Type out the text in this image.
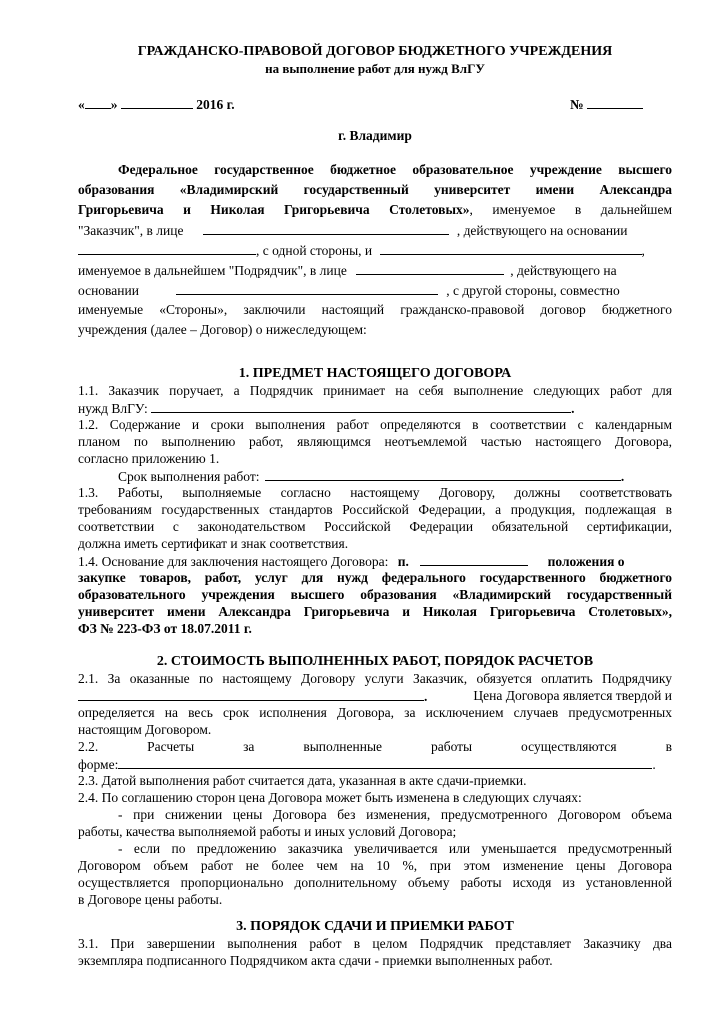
ГРАЖДАНСКО-ПРАВОВОЙ ДОГОВОР БЮДЖЕТНОГО УЧРЕЖДЕНИЯ
на выполнение работ для нужд ВлГУ
« »	2016 г.	№
г. Владимир
Федеральное государственное бюджетное образовательное учреждение высшего
образования «Владимирский государственный университет имени Александра
Григорьевича и Николая Григорьевича Столетовых», именуемое в дальнейшем
"Заказчик", в лице	, действующего на основании
, с одной стороны, и	,
именуемое в дальнейшем "Подрядчик", в лице	, действующего на
основании	, с другой стороны, совместно
именуемые «Стороны», заключили настоящий гражданско-правовой договор бюджетного
учреждения (далее – Договор) о нижеследующем:
1. ПРЕДМЕТ НАСТОЯЩЕГО ДОГОВОРА
1.1. Заказчик поручает, а Подрядчик принимает на себя выполнение следующих работ для
нужд ВлГУ:	.
1.2. Содержание и сроки выполнения работ определяются в соответствии с календарным
планом по выполнению работ, являющимся неотъемлемой частью настоящего Договора,
согласно приложению 1.
Срок выполнения работ:	.
1.3. Работы, выполняемые согласно настоящему Договору, должны соответствовать
требованиям государственных стандартов Российской Федерации, а продукция, подлежащая в
соответствии с законодательством Российской Федерации обязательной сертификации,
должна иметь сертификат и знак соответствия.
1.4. Основание для заключения настоящего Договора: п.	положения о
закупке товаров, работ, услуг для нужд федерального государственного бюджетного
образовательного учреждения высшего образования «Владимирский государственный
университет имени Александра Григорьевича и Николая Григорьевича Столетовых»,
ФЗ № 223-ФЗ от 18.07.2011 г.
2. СТОИМОСТЬ ВЫПОЛНЕННЫХ РАБОТ, ПОРЯДОК РАСЧЕТОВ
2.1. За оказанные по настоящему Договору услуги Заказчик, обязуется оплатить Подрядчику
.	Цена Договора является твердой и
определяется на весь срок исполнения Договора, за исключением случаев предусмотренных
настоящим Договором.
2.2.	Расчеты	за	выполненные	работы	осуществляются	в
форме:	.
2.3. Датой выполнения работ считается дата, указанная в акте сдачи-приемки.
2.4. По соглашению сторон цена Договора может быть изменена в следующих случаях:
- при снижении цены Договора без изменения, предусмотренного Договором объема
работы, качества выполняемой работы и иных условий Договора;
- если по предложению заказчика увеличивается или уменьшается предусмотренный
Договором объем работ не более чем на 10 %, при этом изменение цены Договора
осуществляется пропорционально дополнительному объему работы исходя из установленной
в Договоре цены работы.
3. ПОРЯДОК СДАЧИ И ПРИЕМКИ РАБОТ
3.1. При завершении выполнения работ в целом Подрядчик представляет Заказчику два
экземпляра подписанного Подрядчиком акта сдачи - приемки выполненных работ.
